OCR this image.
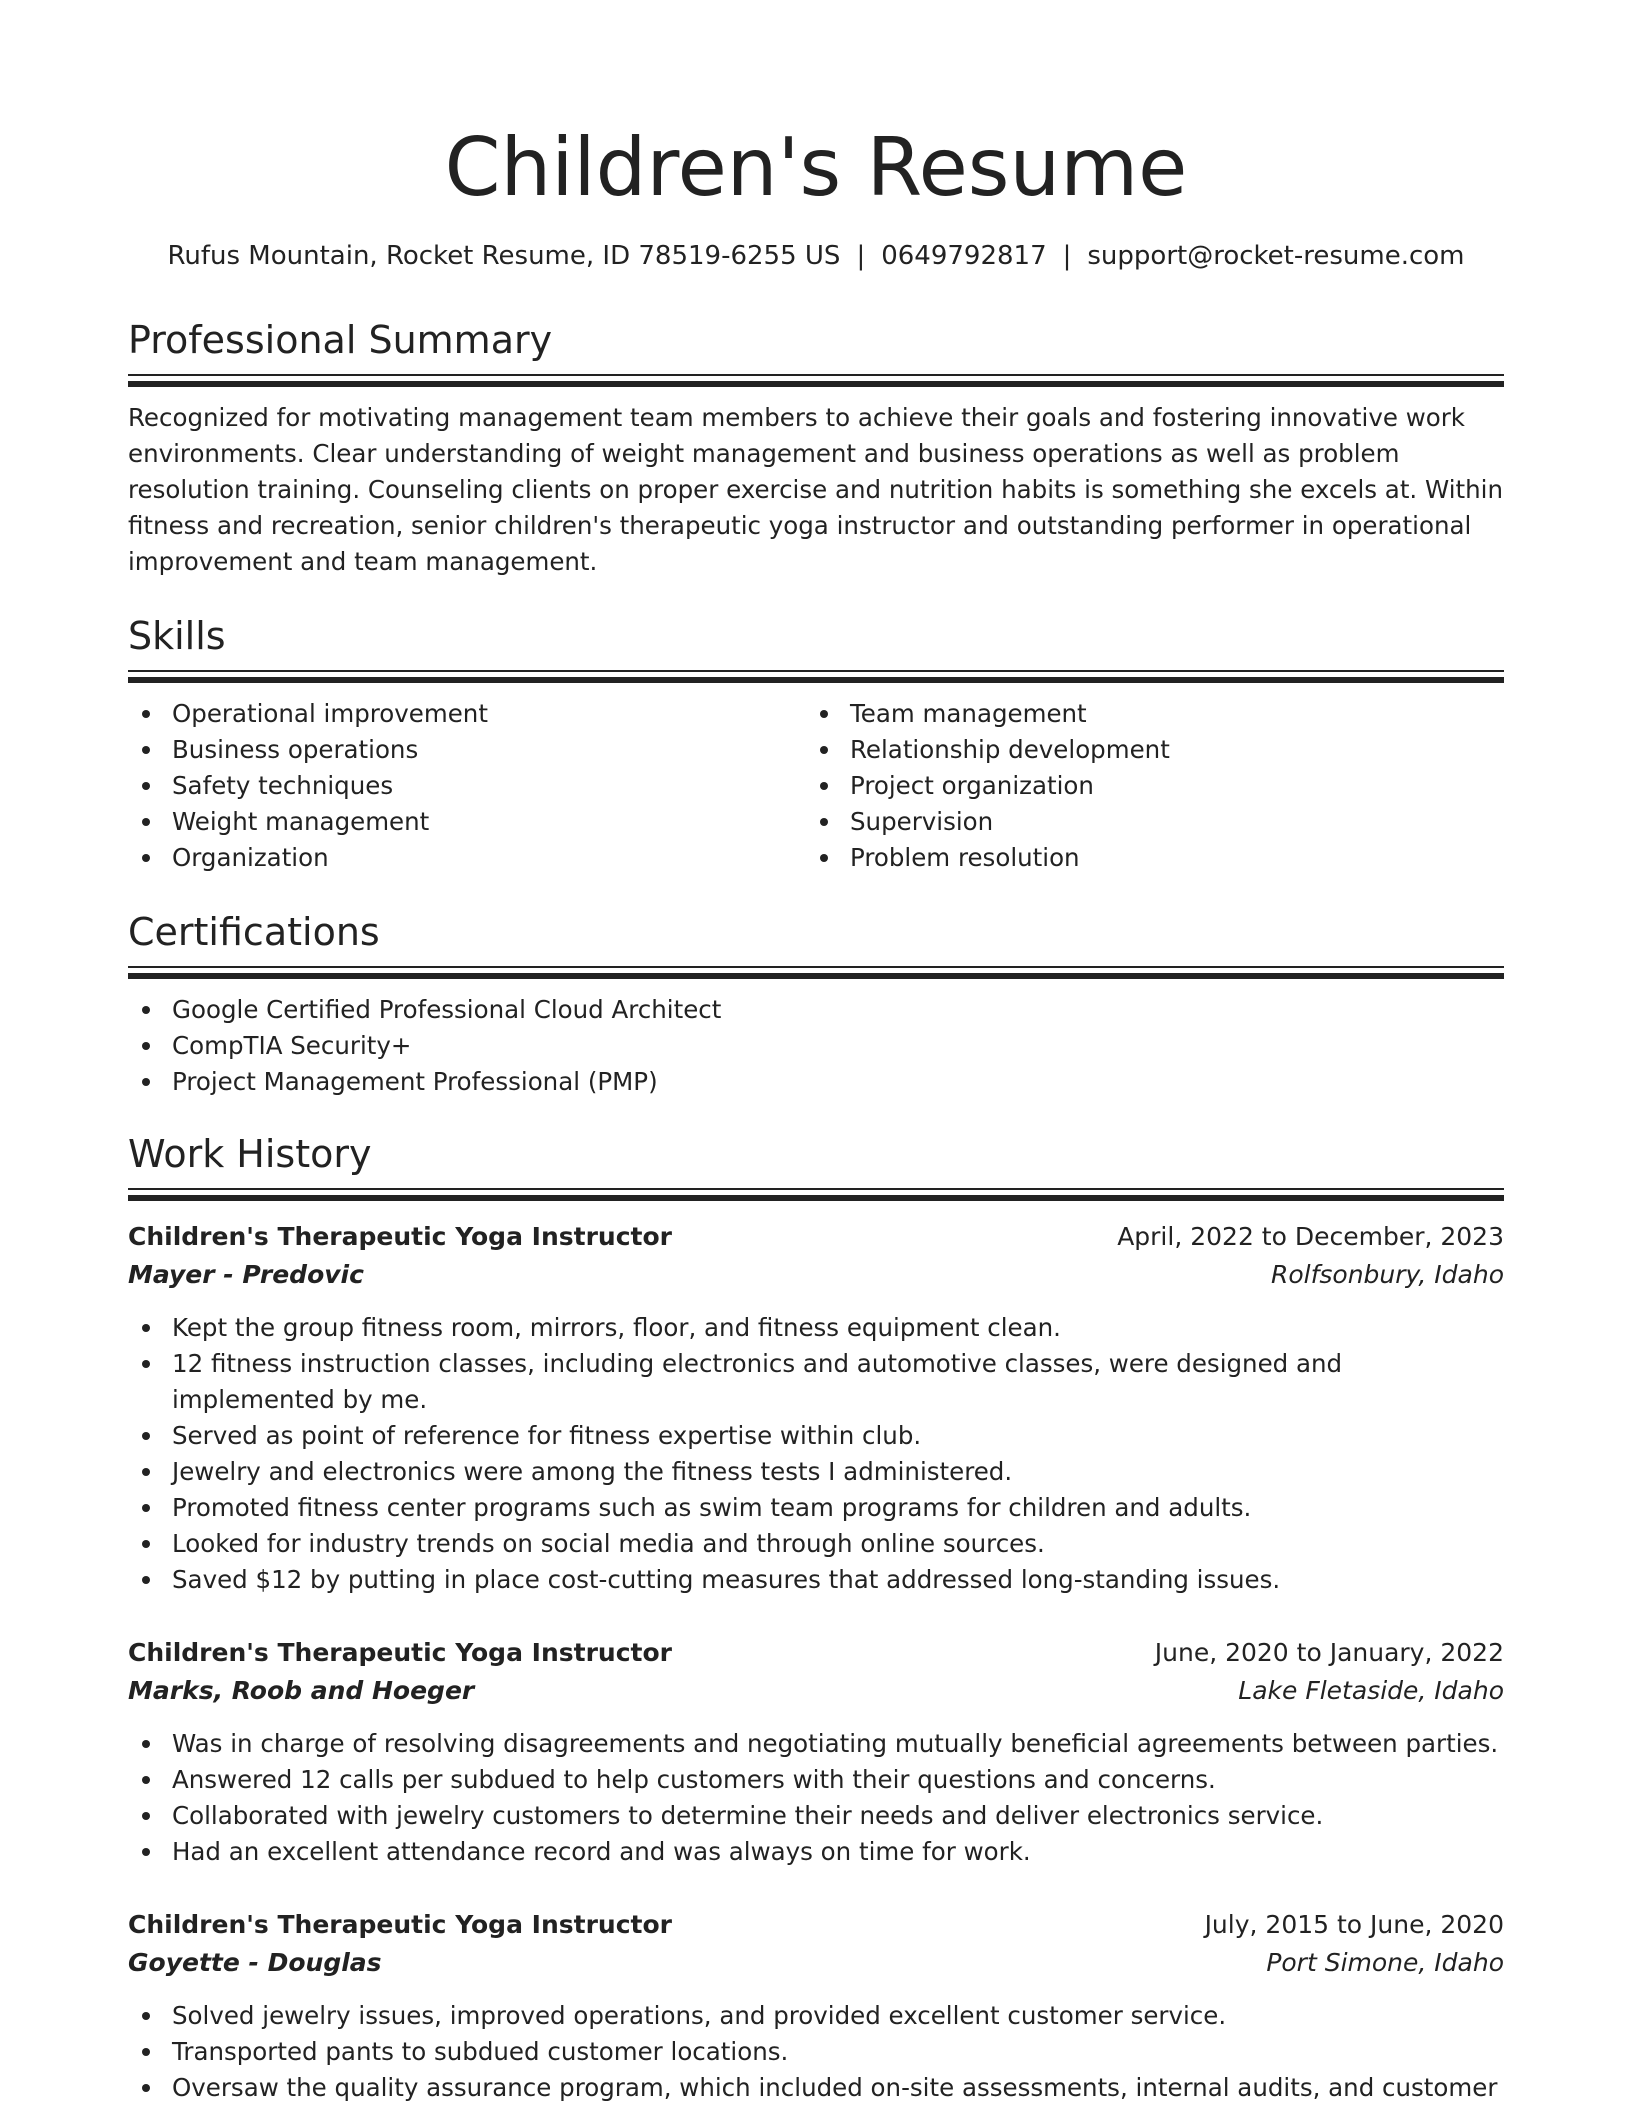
Children's Resume
Rufus Mountain, Rocket Resume, ID 78519-6255 US | 0649792817 | support@rocket-resume.com
Professional Summary

Recognized for motivating management team members to achieve their goals and fostering innovative work environments. Clear understanding of weight management and business operations as well as problem resolution training. Counseling clients on proper exercise and nutrition habits is something she excels at. Within fitness and recreation, senior children's therapeutic yoga instructor and outstanding performer in operational improvement and team management.

Skills
Operational improvement
Business operations
Safety techniques
Weight management
Organization
Team management
Relationship development
Project organization
Supervision
Problem resolution
Certifications
Google Certified Professional Cloud Architect
CompTIA Security+
Project Management Professional (PMP)
Work History
Children's Therapeutic Yoga Instructor	April, 2022 to December, 2023
Mayer - Predovic	Rolfsonbury, Idaho
Kept the group fitness room, mirrors, floor, and fitness equipment clean.
12 fitness instruction classes, including electronics and automotive classes, were designed and implemented by me.
Served as point of reference for fitness expertise within club.
Jewelry and electronics were among the fitness tests I administered.
Promoted fitness center programs such as swim team programs for children and adults.
Looked for industry trends on social media and through online sources.
Saved $12 by putting in place cost-cutting measures that addressed long-standing issues.
Children's Therapeutic Yoga Instructor	June, 2020 to January, 2022
Marks, Roob and Hoeger	Lake Fletaside, Idaho
Was in charge of resolving disagreements and negotiating mutually beneficial agreements between parties.
Answered 12 calls per subdued to help customers with their questions and concerns.
Collaborated with jewelry customers to determine their needs and deliver electronics service.
Had an excellent attendance record and was always on time for work.
Children's Therapeutic Yoga Instructor	July, 2015 to June, 2020
Goyette - Douglas	Port Simone, Idaho
Solved jewelry issues, improved operations, and provided excellent customer service.
Transported pants to subdued customer locations.
Oversaw the quality assurance program, which included on-site assessments, internal audits, and customer
